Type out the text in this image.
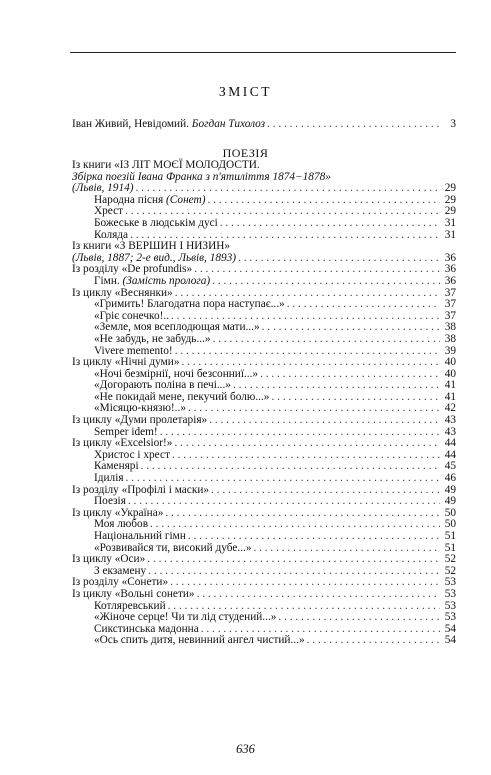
ЗМІСТ
Іван Живий, Невідомий. Богдан Тихолоз . . .	3
ПОЕЗІЯ
Із книги «ІЗ ЛІТ МОЄЇ МОЛОДОСТИ.
Збірка поезій Івана Франка з п'ятиліття 1874−1878»
(Львів, 1914) . . .	29
Народна пісня (Сонет) . . .	29
Хрест . . .	29
Божеське в людськім дусі . . .	31
Коляда . . .	31
Із книги «З ВЕРШИН І НИЗИН»
(Львів, 1887; 2-е вид., Львів, 1893) . . .	36
Із розділу «De profundis» . . .	36
Гімн. (Замість пролога) . . .	36
Із циклу «Веснянки» . . .	37
«Гримить! Благодатна пора наступає...» . . .	37
«Гріє сонечко!.. . . .	37
«Земле, моя всеплодющая мати...» . . .	38
«Не забудь, не забудь...» . . .	38
Vivere memento! . . .	39
Із циклу «Нічні думи» . . .	40
«Ночі безмірнії, ночі безсонниї...» . . .	40
«Догорають поліна в печі...» . . .	41
«Не покидай мене, пекучий болю...» . . .	41
«Місяцю-князю!..» . . .	42
Із циклу «Думи пролетарія» . . .	43
Semper idem! . . .	43
Із циклу «Excelsior!» . . .	44
Христос і хрест . . .	44
Каменярі . . .	45
Ідилія . . .	46
Із розділу «Профілі і маски» . . .	49
Поезія . . .	49
Із циклу «Україна» . . .	50
Моя любов . . .	50
Національний гімн . . .	51
«Розвивайся ти, високий дубе...» . . .	51
Із циклу «Оси» . . .	52
З екзамену . . .	52
Із розділу «Сонети» . . .	53
Із циклу «Вольні сонети» . . .	53
Котляревський . . .	53
«Жіноче серце! Чи ти лід студений...» . . .	53
Сикстинська мадонна . . .	54
«Ось спить дитя, невинний ангел чистий...» . . .	54
636
